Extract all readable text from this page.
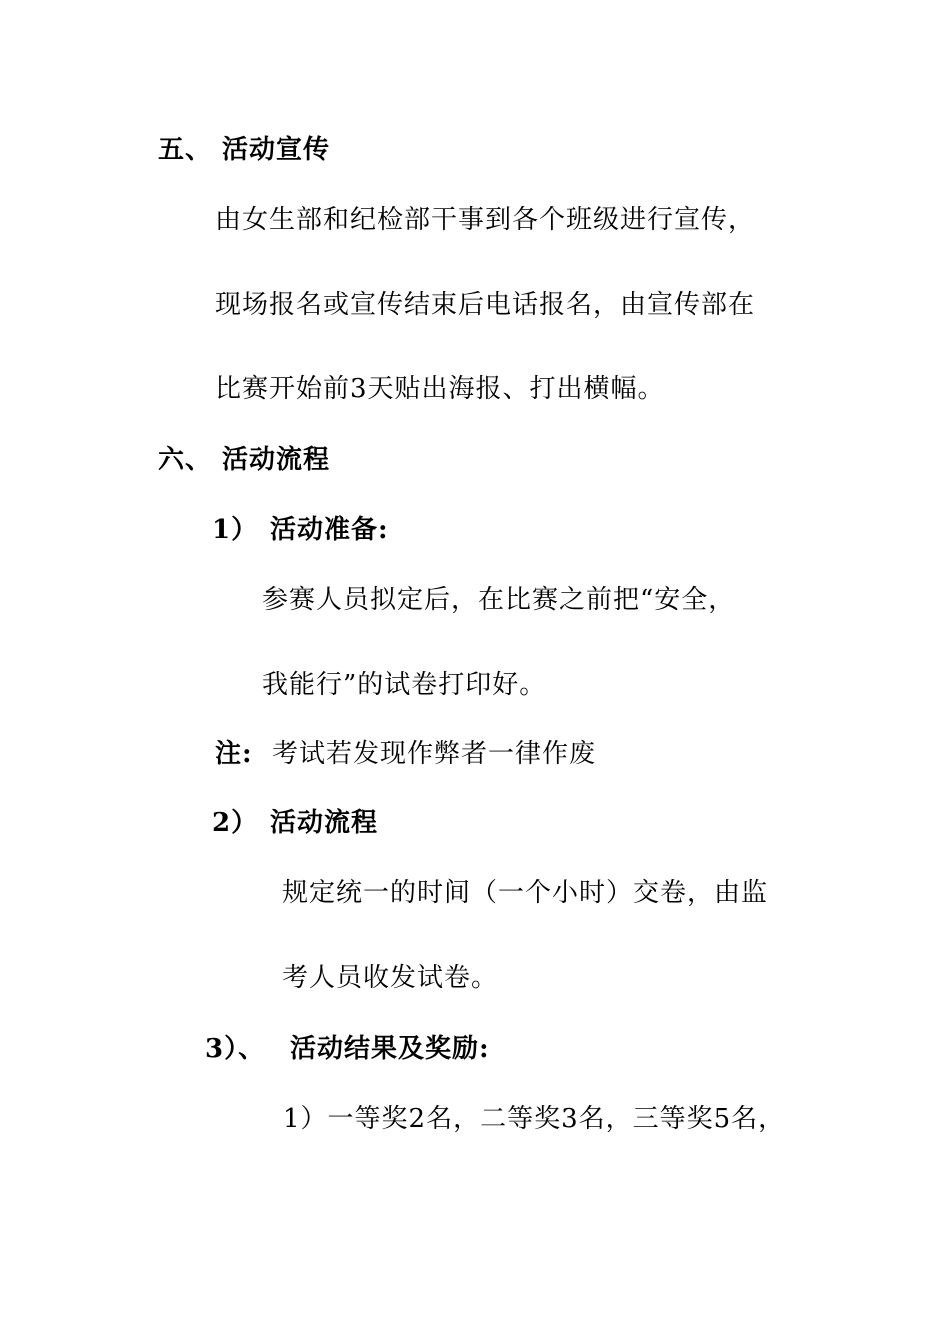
五、 活动宣传
由女生部和纪检部干事到各个班级进行宣传，
现场报名或宣传结束后电话报名，由宣传部在
比赛开始前3天贴出海报、打出横幅。
六、 活动流程
1） 活动准备:
参赛人员拟定后，在比赛之前把“安全，
我能行”的试卷打印好。
注: 考试若发现作弊者一律作废
2） 活动流程
规定统一的时间（一个小时）交卷，由监
考人员收发试卷。
3）、 活动结果及奖励:
1）一等奖2名，二等奖3名，三等奖5名，
